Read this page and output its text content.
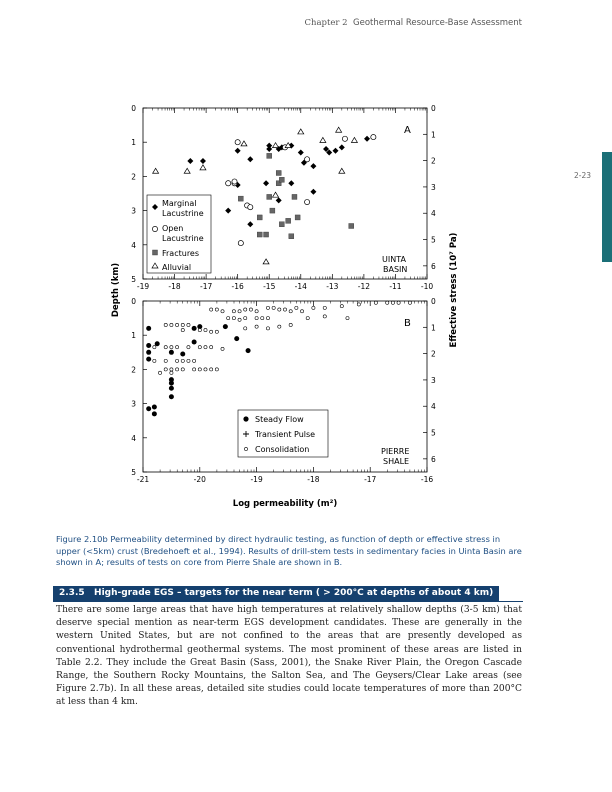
Chapter 2 Geothermal Resource-Base Assessment
2-23
-19	-18	-17	-16	-15	-14	-13	-12	-11	-10
0
1
2
3
4
5
0
1
2
3
4
5
6
A
UINTA
BASIN
Marginal
Lacustrine
Open
Lacustrine
Fractures
Alluvial
-21	-20	-19	-18	-17	-16
0
1
2
3
4
5
0
1
2
3
4
5
6
B
PIERRE
SHALE
Steady Flow
Transient Pulse
Consolidation
Depth (km)	Effective stress (10⁷ Pa)
Log permeability (m²)
Figure 2.10b Permeability determined by direct hydraulic testing, as function of depth or effective stress in upper (<5km) crust (Bredehoeft et al., 1994). Results of drill-stem tests in sedimentary facies in Uinta Basin are shown in A; results of tests on core from Pierre Shale are shown in B.
2.3.5 High-grade EGS – targets for the near term ( > 200°C at depths of about 4 km)
There are some large areas that have high temperatures at relatively shallow depths (3-5 km) that deserve special mention as near-term EGS development candidates. These are generally in the western United States, but are not confined to the areas that are presently developed as conventional hydrothermal geothermal systems. The most prominent of these areas are listed in Table 2.2. They include the Great Basin (Sass, 2001), the Snake River Plain, the Oregon Cascade Range, the Southern Rocky Mountains, the Salton Sea, and The Geysers/Clear Lake areas (see Figure 2.7b). In all these areas, detailed site studies could locate temperatures of more than 200°C at less than 4 km.
